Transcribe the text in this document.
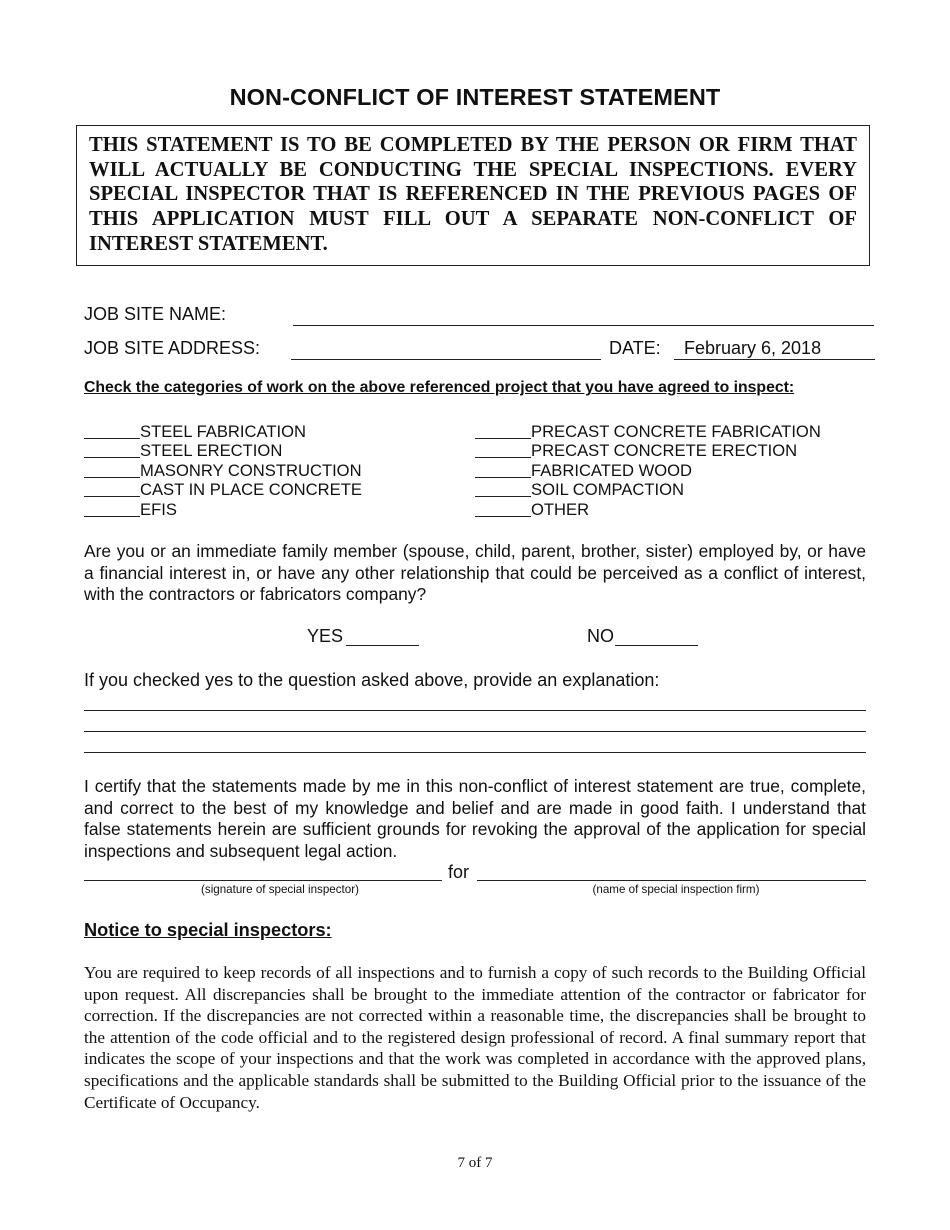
NON-CONFLICT OF INTEREST STATEMENT
THIS STATEMENT IS TO BE COMPLETED BY THE PERSON OR FIRM THAT WILL ACTUALLY BE CONDUCTING THE SPECIAL INSPECTIONS. EVERY SPECIAL INSPECTOR THAT IS REFERENCED IN THE PREVIOUS PAGES OF THIS APPLICATION MUST FILL OUT A SEPARATE NON-CONFLICT OF INTEREST STATEMENT.
JOB SITE NAME:
JOB SITE ADDRESS:	DATE: February 6, 2018
Check the categories of work on the above referenced project that you have agreed to inspect:
STEEL FABRICATION
STEEL ERECTION
MASONRY CONSTRUCTION
CAST IN PLACE CONCRETE
EFIS
PRECAST CONCRETE FABRICATION
PRECAST CONCRETE ERECTION
FABRICATED WOOD
SOIL COMPACTION
OTHER
Are you or an immediate family member (spouse, child, parent, brother, sister) employed by, or have a financial interest in, or have any other relationship that could be perceived as a conflict of interest, with the contractors or fabricators company?
YES	NO
If you checked yes to the question asked above, provide an explanation:
I certify that the statements made by me in this non-conflict of interest statement are true, complete, and correct to the best of my knowledge and belief and are made in good faith. I understand that false statements herein are sufficient grounds for revoking the approval of the application for special inspections and subsequent legal action.
for
(signature of special inspector)	(name of special inspection firm)
Notice to special inspectors:
You are required to keep records of all inspections and to furnish a copy of such records to the Building Official upon request. All discrepancies shall be brought to the immediate attention of the contractor or fabricator for correction. If the discrepancies are not corrected within a reasonable time, the discrepancies shall be brought to the attention of the code official and to the registered design professional of record. A final summary report that indicates the scope of your inspections and that the work was completed in accordance with the approved plans, specifications and the applicable standards shall be submitted to the Building Official prior to the issuance of the Certificate of Occupancy.
7 of 7
